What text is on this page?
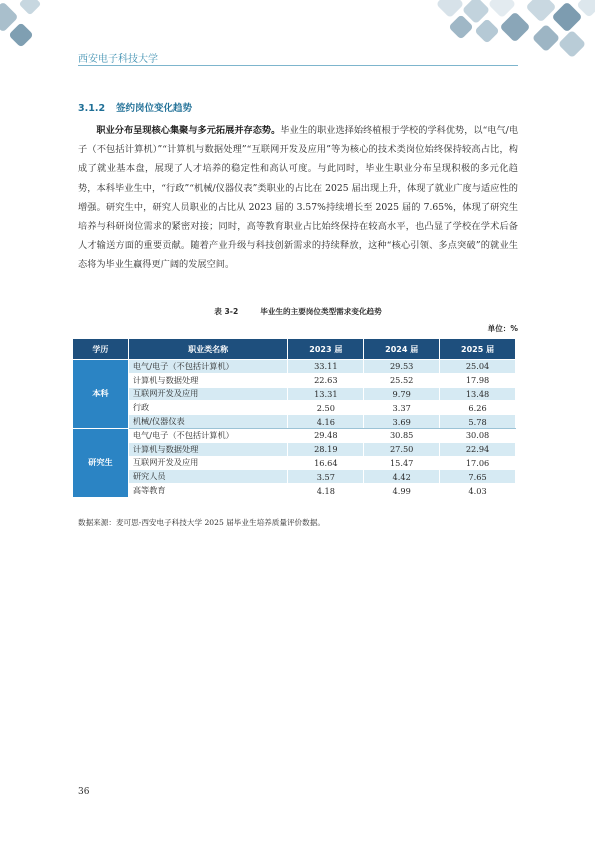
西安电子科技大学
3.1.2 签约岗位变化趋势

职业分布呈现核心集聚与多元拓展并存态势。毕业生的职业选择始终植根于学校的学科优势，以“电气/电子（不包括计算机）”“计算机与数据处理”“互联网开发及应用”等为核心的技术类岗位始终保持较高占比，构成了就业基本盘，展现了人才培养的稳定性和高认可度。与此同时，毕业生职业分布呈现积极的多元化趋势，本科毕业生中，“行政”“机械/仪器仪表”类职业的占比在 2025 届出现上升，体现了就业广度与适应性的增强。研究生中，研究人员职业的占比从 2023 届的 3.57%持续增长至 2025 届的 7.65%，体现了研究生培养与科研岗位需求的紧密对接；同时，高等教育职业占比始终保持在较高水平，也凸显了学校在学术后备人才输送方面的重要贡献。随着产业升级与科技创新需求的持续释放，这种“核心引领、多点突破”的就业生态将为毕业生赢得更广阔的发展空间。

表 3-2	毕业生的主要岗位类型需求变化趋势
单位：%
学历	职业类名称	2023 届	2024 届	2025 届
本科	电气/电子（不包括计算机）	33.11	29.53	25.04
	计算机与数据处理	22.63	25.52	17.98
	互联网开发及应用	13.31	9.79	13.48
	行政	2.50	3.37	6.26
	机械/仪器仪表	4.16	3.69	5.78
研究生	电气/电子（不包括计算机）	29.48	30.85	30.08
	计算机与数据处理	28.19	27.50	22.94
	互联网开发及应用	16.64	15.47	17.06
	研究人员	3.57	4.42	7.65
	高等教育	4.18	4.99	4.03
数据来源：麦可思-西安电子科技大学 2025 届毕业生培养质量评价数据。
36
